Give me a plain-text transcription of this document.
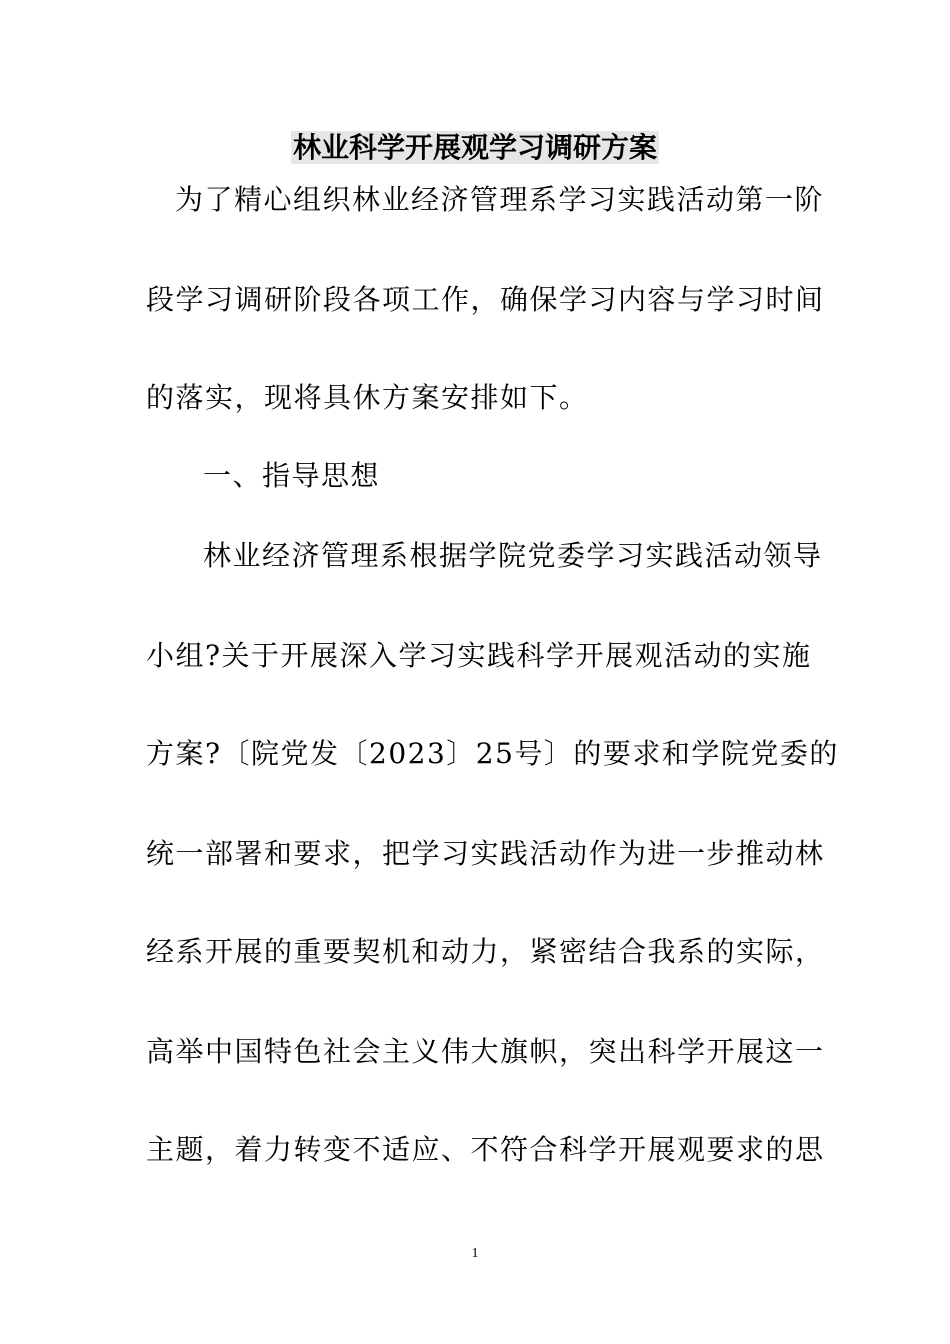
林业科学开展观学习调研方案
为了精心组织林业经济管理系学习实践活动第一阶
段学习调研阶段各项工作，确保学习内容与学习时间
的落实，现将具休方案安排如下。
一、指导思想
林业经济管理系根据学院党委学习实践活动领导
小组?关于开展深入学习实践科学开展观活动的实施
方案?〔院党发〔2023〕25号〕的要求和学院党委的
统一部署和要求，把学习实践活动作为进一步推动林
经系开展的重要契机和动力，紧密结合我系的实际，
高举中国特色社会主义伟大旗帜，突出科学开展这一
主题，着力转变不适应、不符合科学开展观要求的思
1
